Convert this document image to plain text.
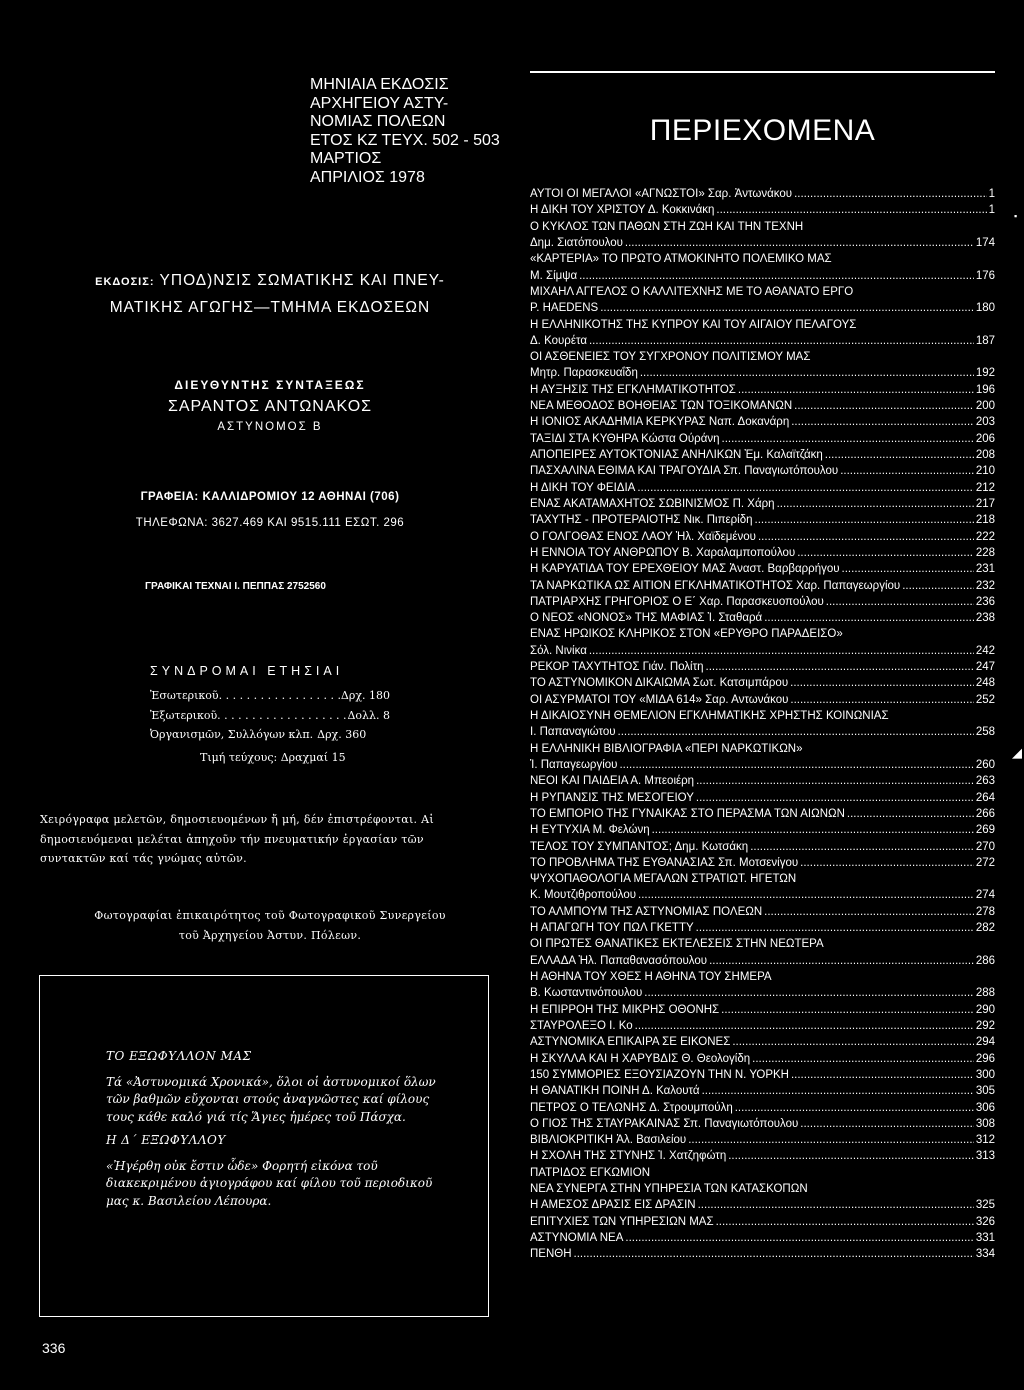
ΜΗΝΙΑΙΑ ΕΚΔΟΣΙΣ
ΑΡΧΗΓΕΙΟΥ ΑΣΤΥ-
ΝΟΜΙΑΣ ΠΟΛΕΩΝ
ΕΤΟΣ ΚΖ ΤΕΥΧ. 502 - 503
ΜΑΡΤΙΟΣ
ΑΠΡΙΛΙΟΣ 1978
ΕΚΔΟΣΙΣ: ΥΠΟΔ)ΝΣΙΣ ΣΩΜΑΤΙΚΗΣ ΚΑΙ ΠΝΕΥ-
ΜΑΤΙΚΗΣ ΑΓΩΓΗΣ—ΤΜΗΜΑ ΕΚΔΟΣΕΩΝ
ΔΙΕΥΘΥΝΤΗΣ ΣΥΝΤΑΞΕΩΣ
ΣΑΡΑΝΤΟΣ ΑΝΤΩΝΑΚΟΣ
ΑΣΤΥΝΟΜΟΣ Β
ΓΡΑΦΕΙΑ: ΚΑΛΛΙΔΡΟΜΙΟΥ 12 ΑΘΗΝΑΙ (706)
ΤΗΛΕΦΩΝΑ: 3627.469 ΚΑΙ 9515.111 ΕΣΩΤ. 296
ΓΡΑΦΙΚΑΙ ΤΕΧΝΑΙ Ι. ΠΕΠΠΑΣ 2752560
ΣΥΝΔΡΟΜΑΙ ΕΤΗΣΙΑΙ
Ἐσωτερικοῦ . . .	Δρχ. 180
Ἐξωτερικοῦ . . .	Δολλ. 8
Ὀργανισμῶν, Συλλόγων κλπ. Δρχ. 360
Τιμή τεύχους: Δραχμαί 15
Χειρόγραφα μελετῶν, δημοσιευομένων ἤ μή, δέν ἐπιστρέφονται. Αἱ δημοσιευόμεναι μελέται ἀπηχοῦν τήν πνευματικήν ἐργασίαν τῶν συντακτῶν καί τάς γνώμας αὐτῶν.
Φωτογραφίαι ἐπικαιρότητος τοῦ Φωτογραφικοῦ Συνεργείου
τοῦ Ἀρχηγείου Ἀστυν. Πόλεων.
ΤΟ ΕΞΩΦΥΛΛΟΝ ΜΑΣ
Τά «Ἀστυνομικά Χρονικά», ὅλοι οἱ ἀστυνομικοί ὅλων τῶν βαθμῶν εὔχονται στούς ἀναγνῶστες καί φίλους τους κάθε καλό γιά τίς Ἅγιες ἡμέρες τοῦ Πάσχα.
Η Δ΄ ΕΞΩΦΥΛΛΟΥ
«Ἠγέρθη οὐκ ἔστιν ὧδε» Φορητή εἰκόνα τοῦ διακεκριμένου ἁγιογράφου καί φίλου τοῦ περιοδικοῦ μας κ. Βασιλείου Λέπουρα.
336
ΠΕΡΙΕΧΟΜΕΝΑ
ΑΥΤΟΙ ΟΙ ΜΕΓΑΛΟΙ «ΑΓΝΩΣΤΟΙ» Σαρ. Ἀντωνάκου .....	1
Η ΔΙΚΗ ΤΟΥ ΧΡΙΣΤΟΥ Δ. Κοκκινάκη .....	1
Ο ΚΥΚΛΟΣ ΤΩΝ ΠΑΘΩΝ ΣΤΗ ΖΩΗ ΚΑΙ ΤΗΝ ΤΕΧΝΗ
Δημ. Σιατόπουλου .....	174
«ΚΑΡΤΕΡΙΑ» ΤΟ ΠΡΩΤΟ ΑΤΜΟΚΙΝΗΤΟ ΠΟΛΕΜΙΚΟ ΜΑΣ
Μ. Σίμψα .....	176
ΜΙΧΑΗΛ ΑΓΓΕΛΟΣ Ο ΚΑΛΛΙΤΕΧΝΗΣ ΜΕ ΤΟ ΑΘΑΝΑΤΟ ΕΡΓΟ
Ρ. HAEDENS .....	180
Η ΕΛΛΗΝΙΚΟΤΗΣ ΤΗΣ ΚΥΠΡΟΥ ΚΑΙ ΤΟΥ ΑΙΓΑΙΟΥ ΠΕΛΑΓΟΥΣ
Δ. Κουρέτα .....	187
ΟΙ ΑΣΘΕΝΕΙΕΣ ΤΟΥ ΣΥΓΧΡΟΝΟΥ ΠΟΛΙΤΙΣΜΟΥ ΜΑΣ
Μητρ. Παρασκευαΐδη .....	192
Η ΑΥΞΗΣΙΣ ΤΗΣ ΕΓΚΛΗΜΑΤΙΚΟΤΗΤΟΣ .....	196
ΝΕΑ ΜΕΘΟΔΟΣ ΒΟΗΘΕΙΑΣ ΤΩΝ ΤΟΞΙΚΟΜΑΝΩΝ .....	200
Η ΙΟΝΙΟΣ ΑΚΑΔΗΜΙΑ ΚΕΡΚΥΡΑΣ Ναπ. Δοκανάρη .....	203
ΤΑΞΙΔΙ ΣΤΑ ΚΥΘΗΡΑ Κώστα Ούράνη .....	206
ΑΠΟΠΕΙΡΕΣ ΑΥΤΟΚΤΟΝΙΑΣ ΑΝΗΛΙΚΩΝ Ἐμ. Καλαϊτζάκη .....	208
ΠΑΣΧΑΛΙΝΑ ΕΘΙΜΑ ΚΑΙ ΤΡΑΓΟΥΔΙΑ Σπ. Παναγιωτόπουλου .....	210
Η ΔΙΚΗ ΤΟΥ ΦΕΙΔΙΑ .....	212
ΕΝΑΣ ΑΚΑΤΑΜΑΧΗΤΟΣ ΣΩΒΙΝΙΣΜΟΣ Π. Χάρη .....	217
ΤΑΧΥΤΗΣ - ΠΡΟΤΕΡΑΙΟΤΗΣ Νικ. Πιπερίδη .....	218
Ο ΓΟΛΓΟΘΑΣ ΕΝΟΣ ΛΑΟΥ Ἡλ. Χαϊδεμένου .....	222
Η ΕΝΝΟΙΑ ΤΟΥ ΑΝΘΡΩΠΟΥ Β. Χαραλαμποπούλου .....	228
Η ΚΑΡΥΑΤΙΔΑ ΤΟΥ ΕΡΕΧΘΕΙΟΥ ΜΑΣ Ἀναστ. Βαρβαρρήγου .....	231
ΤΑ ΝΑΡΚΩΤΙΚΑ ΩΣ ΑΙΤΙΟΝ ΕΓΚΛΗΜΑΤΙΚΟΤΗΤΟΣ Χαρ. Παπαγεωργίου .....	232
ΠΑΤΡΙΑΡΧΗΣ ΓΡΗΓΟΡΙΟΣ Ο Ε΄ Χαρ. Παρασκευοπούλου .....	236
Ο ΝΕΟΣ «ΝΟΝΟΣ» ΤΗΣ ΜΑΦΙΑΣ Ἰ. Σταθαρά .....	238
ΕΝΑΣ ΗΡΩΙΚΟΣ ΚΛΗΡΙΚΟΣ ΣΤΟΝ «ΕΡΥΘΡΟ ΠΑΡΑΔΕΙΣΟ»
Σόλ. Νινίκα .....	242
ΡΕΚΟΡ ΤΑΧΥΤΗΤΟΣ Γιάν. Πολίτη .....	247
ΤΟ ΑΣΤΥΝΟΜΙΚΟΝ ΔΙΚΑΙΩΜΑ Σωτ. Κατσιμπάρου .....	248
ΟΙ ΑΣΥΡΜΑΤΟΙ ΤΟΥ «ΜΙΔΑ 614» Σαρ. Αντωνάκου .....	252
Η ΔΙΚΑΙΟΣΥΝΗ ΘΕΜΕΛΙΟΝ ΕΓΚΛΗΜΑΤΙΚΗΣ ΧΡΗΣΤΗΣ ΚΟΙΝΩΝΙΑΣ
Ι. Παπαναγιώτου .....	258
Η ΕΛΛΗΝΙΚΗ ΒΙΒΛΙΟΓΡΑΦΙΑ «ΠΕΡΙ ΝΑΡΚΩΤΙΚΩΝ»
Ἰ. Παπαγεωργίου .....	260
ΝΕΟΙ ΚΑΙ ΠΑΙΔΕΙΑ Α. Μπεοιέρη .....	263
Η ΡΥΠΑΝΣΙΣ ΤΗΣ ΜΕΣΟΓΕΙΟΥ .....	264
ΤΟ ΕΜΠΟΡΙΟ ΤΗΣ ΓΥΝΑΙΚΑΣ ΣΤΟ ΠΕΡΑΣΜΑ ΤΩΝ ΑΙΩΝΩΝ .....	266
Η ΕΥΤΥΧΙΑ Μ. Φελώνη .....	269
ΤΕΛΟΣ ΤΟΥ ΣΥΜΠΑΝΤΟΣ; Δημ. Κωτσάκη .....	270
ΤΟ ΠΡΟΒΛΗΜΑ ΤΗΣ ΕΥΘΑΝΑΣΙΑΣ Σπ. Μοτσενίγου .....	272
ΨΥΧΟΠΑΘΟΛΟΓΙΑ ΜΕΓΑΛΩΝ ΣΤΡΑΤΙΩΤ. ΗΓΕΤΩΝ
Κ. Μουτζιθροπούλου .....	274
ΤΟ ΑΛΜΠΟΥΜ ΤΗΣ ΑΣΤΥΝΟΜΙΑΣ ΠΟΛΕΩΝ .....	278
Η ΑΠΑΓΩΓΗ ΤΟΥ ΠΩΛ ΓΚΕΤΤΥ .....	282
ΟΙ ΠΡΩΤΕΣ ΘΑΝΑΤΙΚΕΣ ΕΚΤΕΛΕΣΕΙΣ ΣΤΗΝ ΝΕΩΤΕΡΑ
ΕΛΛΑΔΑ Ἡλ. Παπαθανασόπουλου .....	286
Η ΑΘΗΝΑ ΤΟΥ ΧΘΕΣ Η ΑΘΗΝΑ ΤΟΥ ΣΗΜΕΡΑ
Β. Κωσταντινόπουλου .....	288
Η ΕΠΙΡΡΟΗ ΤΗΣ ΜΙΚΡΗΣ ΟΘΟΝΗΣ .....	290
ΣΤΑΥΡΟΛΕΞΟ Ι. Κο .....	292
ΑΣΤΥΝΟΜΙΚΑ ΕΠΙΚΑΙΡΑ ΣΕ ΕΙΚΟΝΕΣ .....	294
Η ΣΚΥΛΛΑ ΚΑΙ Η ΧΑΡΥΒΔΙΣ Θ. Θεολογίδη .....	296
150 ΣΥΜΜΟΡΙΕΣ ΕΞΟΥΣΙΑΖΟΥΝ ΤΗΝ Ν. ΥΟΡΚΗ .....	300
Η ΘΑΝΑΤΙΚΗ ΠΟΙΝΗ Δ. Καλουτά .....	305
ΠΕΤΡΟΣ Ο ΤΕΛΩΝΗΣ Δ. Στρουμπούλη .....	306
Ο ΓΙΟΣ ΤΗΣ ΣΤΑΥΡΑΚΑΙΝΑΣ Σπ. Παναγιωτόπουλου .....	308
ΒΙΒΛΙΟΚΡΙΤΙΚΗ Ἀλ. Βασιλείου .....	312
Η ΣΧΟΛΗ ΤΗΣ ΣΤΥΝΗΣ Ἰ. Χατζηφώτη .....	313
ΠΑΤΡΙΔΟΣ ΕΓΚΩΜΙΟΝ
ΝΕΑ ΣΥΝΕΡΓΑ ΣΤΗΝ ΥΠΗΡΕΣΙΑ ΤΩΝ ΚΑΤΑΣΚΟΠΩΝ
Η ΑΜΕΣΟΣ ΔΡΑΣΙΣ ΕΙΣ ΔΡΑΣΙΝ .....	325
ΕΠΙΤΥΧΙΕΣ ΤΩΝ ΥΠΗΡΕΣΙΩΝ ΜΑΣ .....	326
ΑΣΤΥΝΟΜΙΑ ΝΕΑ .....	331
ΠΕΝΘΗ .....	334
▪
◢
